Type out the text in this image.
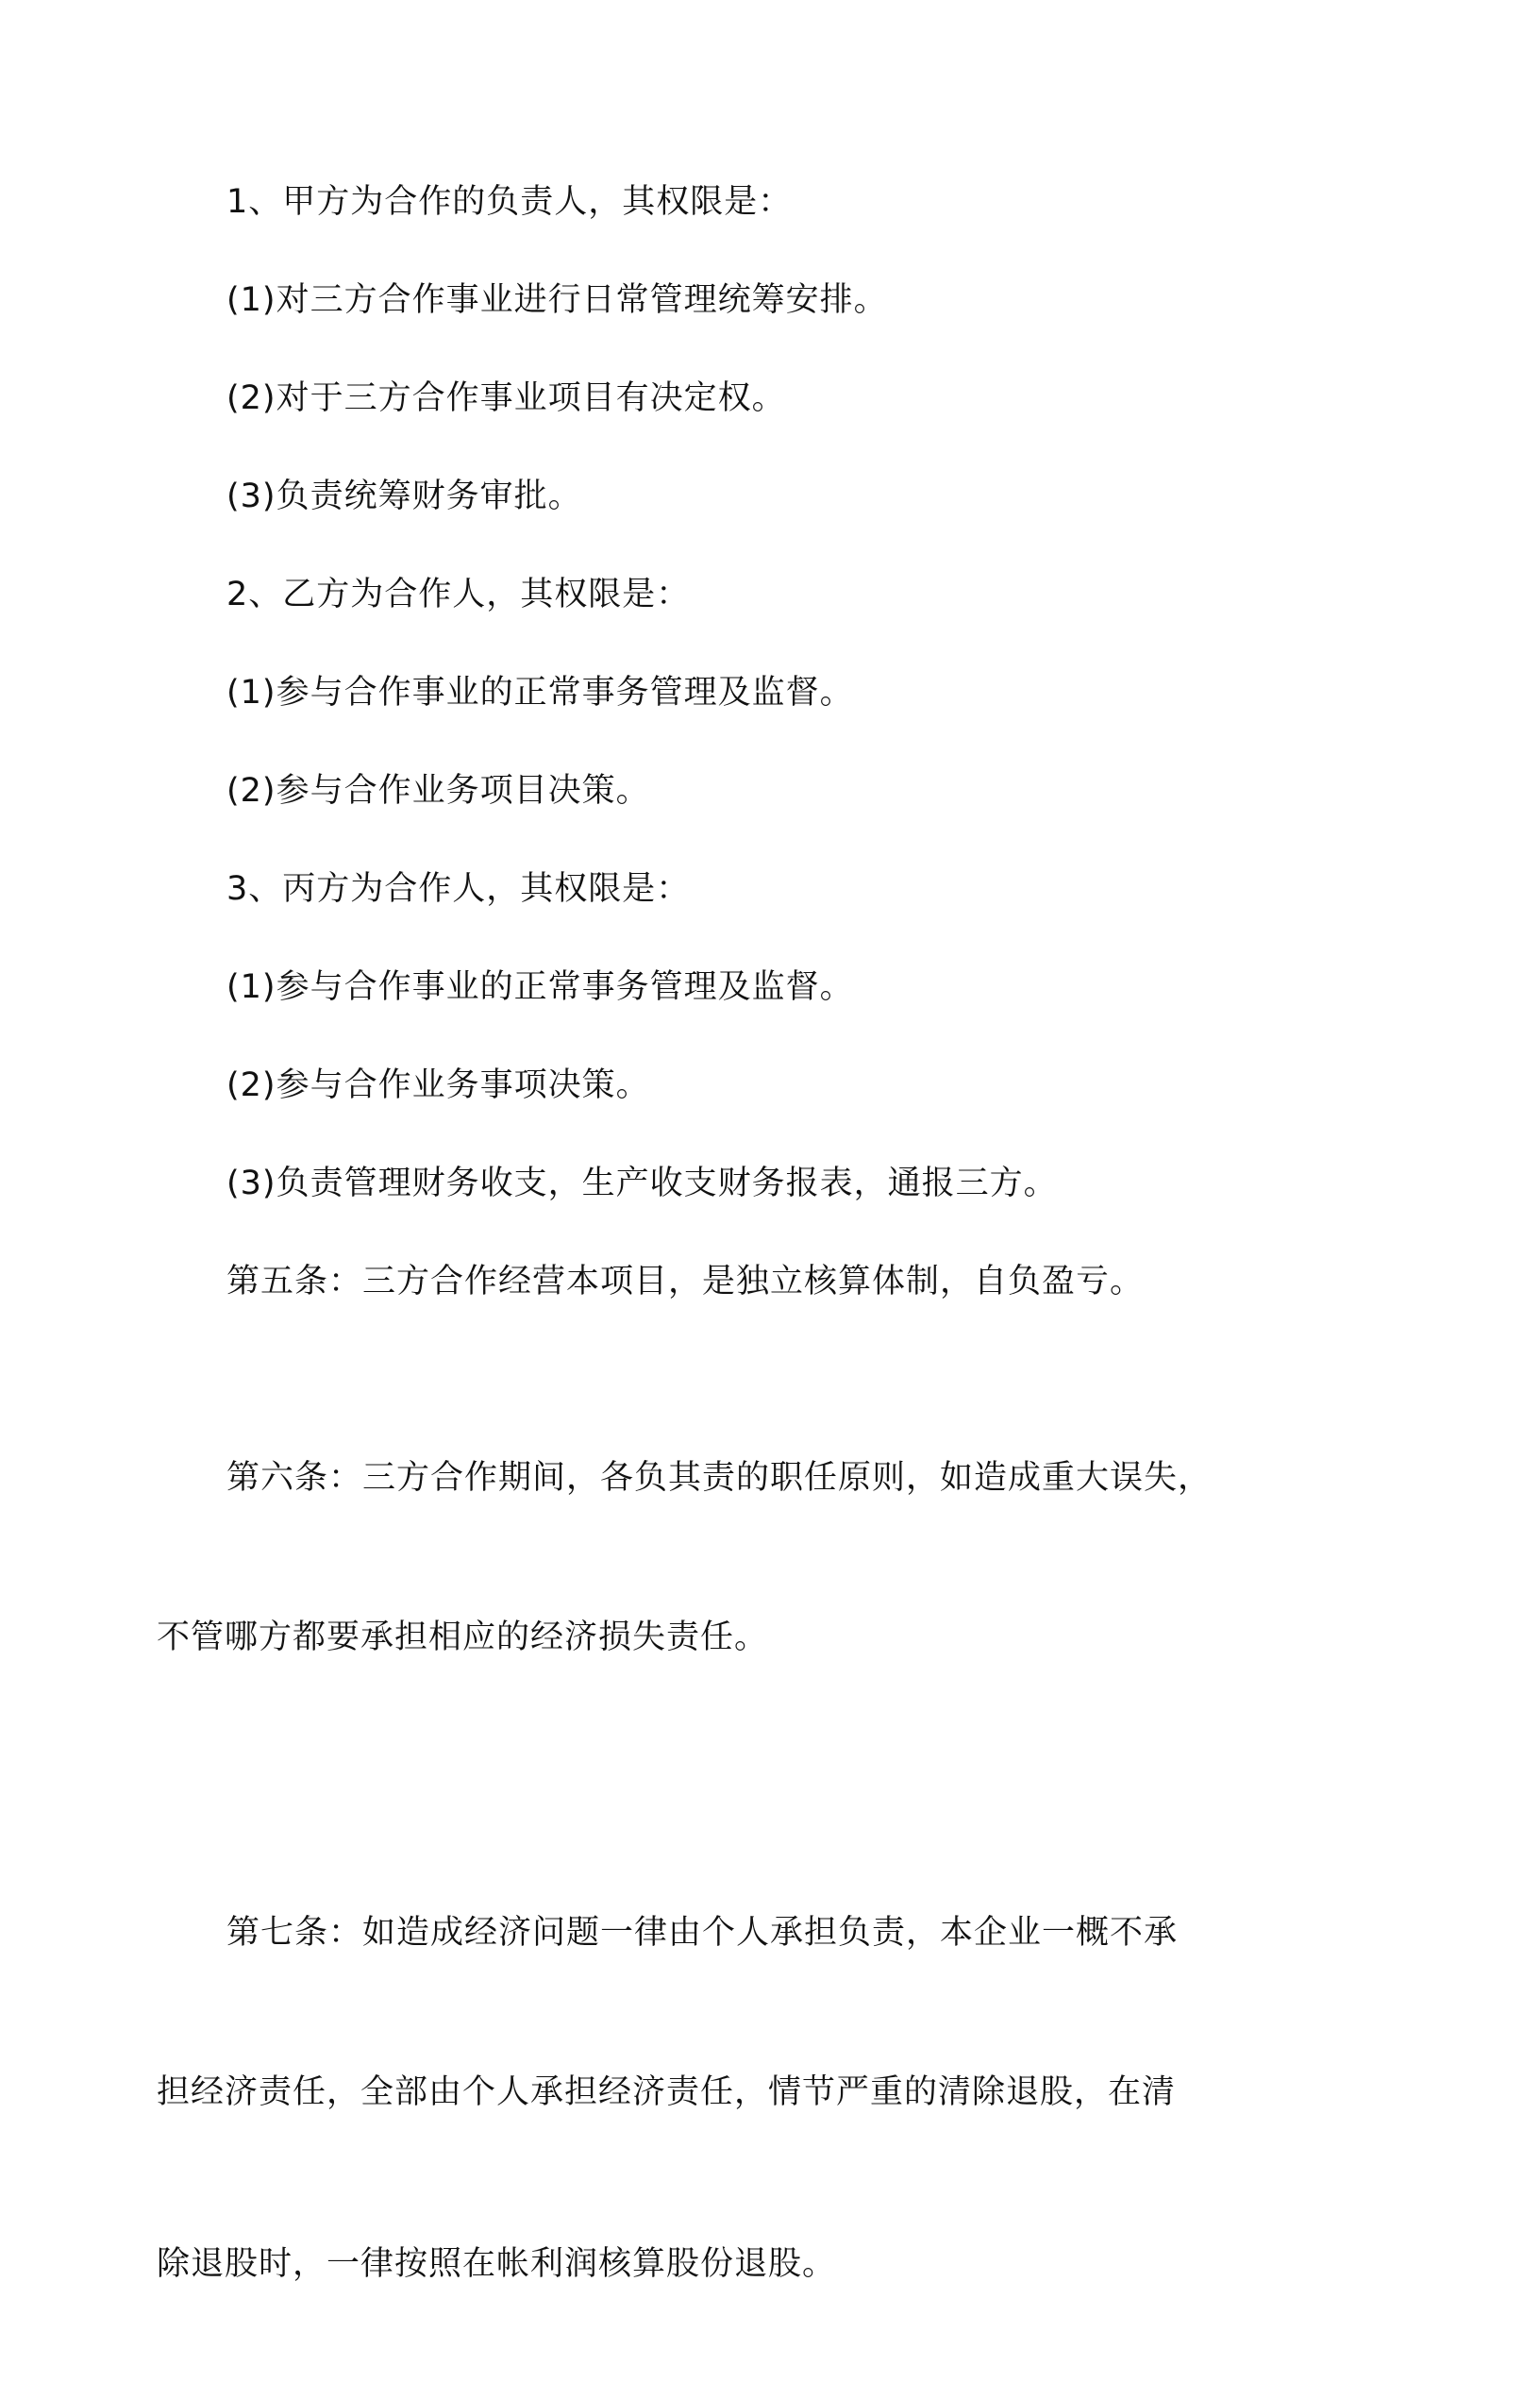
1、甲方为合作的负责人，其权限是：

(1)对三方合作事业进行日常管理统筹安排。

(2)对于三方合作事业项目有决定权。

(3)负责统筹财务审批。

2、乙方为合作人，其权限是：

(1)参与合作事业的正常事务管理及监督。

(2)参与合作业务项目决策。

3、丙方为合作人，其权限是：

(1)参与合作事业的正常事务管理及监督。

(2)参与合作业务事项决策。

(3)负责管理财务收支，生产收支财务报表，通报三方。

第五条：三方合作经营本项目，是独立核算体制，自负盈亏。

第六条：三方合作期间，各负其责的职任原则，如造成重大误失，

不管哪方都要承担相应的经济损失责任。

第七条：如造成经济问题一律由个人承担负责，本企业一概不承

担经济责任，全部由个人承担经济责任，情节严重的清除退股，在清

除退股时，一律按照在帐利润核算股份退股。
